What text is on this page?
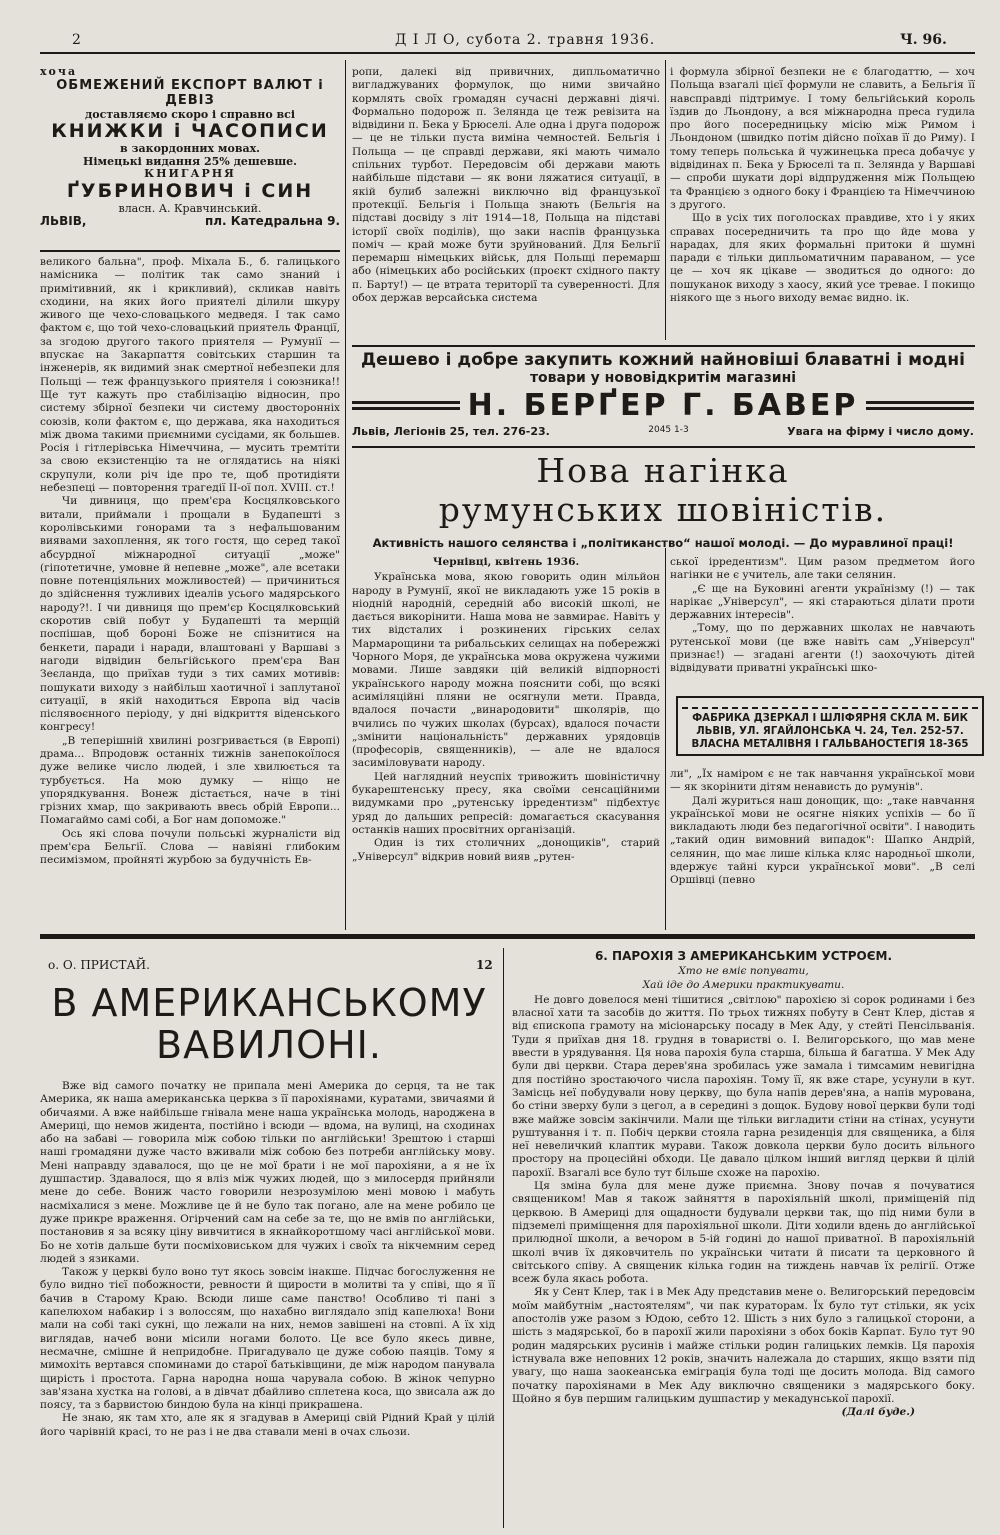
2	Д І Л О, субота 2. травня 1936.	Ч. 96.
хоча
ОБМЕЖЕНИЙ ЕКСПОРТ ВАЛЮТ і ДЕВІЗ
доставляємо скоро і справно всі
КНИЖКИ і ЧАСОПИСИ
в закордонних мовах.
Німецькі видання 25% дешевше.
КНИГАРНЯ
ҐУБРИНОВИЧ і СИН
власн. А. Кравчинський.
ЛЬВІВ,	пл. Катедральна 9.

великого бальна", проф. Міхала Б., б. галицького намісника — політик так само знаний і примітивний, як і крикливий), скликав навіть сходини, на яких його приятелі ділили шкуру живого ще чехо-словацького медведя. І так само фактом є, що той чехо-словацький приятель Франції, за згодою другого такого приятеля — Румунії — впускає на Закарпаття совітських старшин та інженерів, як видимий знак смертної небезпеки для Польщі — теж французького приятеля і союзника!! Ще тут кажуть про стабілізацію відносин, про систему збірної безпеки чи систему двосторонніх союзів, коли фактом є, що держава, яка находиться між двома такими приємними сусідами, як большев. Росія і гітлерівська Німеччина, — мусить тремтіти за свою екзистенцію та не оглядатись на ніякі скрупули, коли річ іде про те, щоб протидіяти небезпеці — повторення трагедії II-ої пол. XVIII. ст.!

Чи дивниця, що прем'єра Косцялковського витали, приймали і прощали в Будапешті з королівськими гонорами та з нефальшованим виявами захоплення, як того гостя, що серед такої абсурдної міжнародної ситуації „може" (гіпотетичне, умовне й непевне „може", але всетаки повне потенціяльних можливостей) — причиниться до здійснення тужливих ідеалів усього мадярського народу?!. І чи дивниця що прем'єр Косцялковський скоротив свій побут у Будапешті та мерщій поспішав, щоб бороні Боже не спізнитися на бенкети, паради і наради, влаштовані у Варшаві з нагоди відвідин бельгійського прем'єра Ван Зеєланда, що приїхав туди з тих самих мотивів: пошукати виходу з найбільш хаотичної і заплутаної ситуації, в якій находиться Европа від часів післявоєнного періоду, у дні відкриття віденського конгресу!

„В теперішній хвилині розгривається (в Европі) драма... Впродовж останніх тижнів занепокоїлося дуже велике число людей, і зле хвилюється та турбується. На мою думку — ніщо не упорядкування. Вонеж дістається, наче в тіні грізних хмар, що закривають ввесь обрій Европи... Помагаймо самі собі, а Бог нам допоможе."

Ось які слова почули польські журналісти від прем'єра Бельгії. Слова — навіяні глибоким песимізмом, пройняті журбою за будучність Ев-

ропи, далекі від привичних, дипльоматично вигладжуваних формулок, що ними звичайно кормлять своїх громадян сучасні державні діячі. Формально подорож п. Зеляндa це теж ревізита на відвідини п. Бека у Брюселі. Але одна і друга подорож — це не тільки пуста виміна чемностей. Бельгія і Польща — це справді держави, які мають чимало спільних турбот. Передовсім обі держави мають найбільше підстави — як вони ляжатися ситуації, в якій булиб залежні виключно від французької протекції. Бельгія і Польща знають (Бельгія на підставі досвіду з літ 1914—18, Польща на підставі історії своїх поділів), що заки наспів французька поміч — край може бути зруйнований. Для Бельгії перемарш німецьких військ, для Польщі перемарш або (німецьких або російських (проєкт східного пакту п. Барту!) — це втрата території та суверенності. Для обох держав версайська система

і формула збірної безпеки не є благодаттю, — хоч Польща взагалі цієї формули не славить, а Бельгія її навсправді підтримує. І тому бельгійський король їздив до Льондону, а вся міжнародна преса гудила про його посередницьку місію між Римом і Льондоном (швидко потім дійсно поїхав її до Риму). І тому теперь польська й чужинецька преса добачує у відвідинах п. Бека у Брюселі та п. Зеляндa у Варшаві — спроби шукати дорі відпрудження між Польщею та Францією з одного боку і Францією та Німеччиною з другого.

Що в усіх тих поголосках правдиве, хто і у яких справах посередничить та про що йде мова у нарадах, для яких формальні притоки й шумні паради є тільки дипльоматичним параваном, — усе це — хоч як цікаве — зводиться до одного: до пошуканок виходу з хаосу, який усе тревае. І покищо ніякого ще з нього виходу вемає видно. ік.

Дешево і добре закупить кожний найновіші блаватні і модні
товари у нововідкритім магазині
Н. БЕРҐЕР Г. БАВЕР
Львів, Легіонів 25, тел. 276-23.	2045 1-3	Увага на фірму і число дому.
Нова нагінка
румунських шовіністів.
Активність нашого селянства і „політиканство“ нашої молоді. — До муравлиної праці!
Чернівці, квітень 1936.

Українська мова, якою говорить один мільйон народу в Румунії, якої не викладають уже 15 років в ніодній народній, середній або високій школі, не дається викорінити. Наша мова не завмирає. Навіть у тих відсталих і розкинених гірських селах Мармарощини та рибальських селищах на побережжі Чорного Моря, де українська мова окружена чужими мовами. Лише завдяки цій великій відпорності українського народу можна пояснити собі, що всякі асиміляційні пляни не осягнули мети. Правда, вдалося почасти „винародовити" школярів, що вчились по чужих школах (бурсах), вдалося почасти „змінити національність" державних урядовців (професорів, священників), — але не вдалося засиміловувати народу.

Цей наглядний неуспіх тривожить шовіністичну букарештенську пресу, яка своїми сенсаційними видумками про „рутенську ірредентизм" підбехтує уряд до дальших репресій: домагається скасування останків наших просвітних організацій.

Один із тих столичних „донощиків", старий „Універсул" відкрив новий вияв „рутен-

ської ірредентизм". Цим разом предметом його нагінки не є учитель, але таки селянин.

„Є ще на Буковині агенти українізму (!) — так нарікає „Універсул", — які стараються ділати проти державних інтересів".

„Тому, що по державних школах не навчають рутенської мови (це вже навіть сам „Універсул" признає!) — згадані агенти (!) заохочують дітей відвідувати приватні українські шко-

ФАБРИКА ДЗЕРКАЛ І ШЛІФЯРНЯ СКЛА М. БИК
ЛЬВІВ, УЛ. ЯГАЙЛОНСЬКА Ч. 24, Тел. 252-57.
ВЛАСНА МЕТАЛІВНЯ І ГАЛЬВАНОСТЕГІЯ 18-365

ли", „Їх наміром є не так навчання української мови — як зкорінити дітям ненависть до румунів".

Далі журиться наш донощик, що: „таке навчання української мови не осягне ніяких успіхів — бо її викладають люди без педагогічної освіти". І наводить „такий один вимовний випадок": Шапко Андрій, селянин, що має лише кілька кляс народньої школи, вдержує тайні курси української мови". „В селі Оршівці (певно

о. О. ПРИСТАЙ.	12
В АМЕРИКАНСЬКОМУ
ВАВИЛОНІ.

Вже від самого початку не припала мені Америка до серця, та не так Америка, як наша американська церква з її парохіянами, куратами, звичаями й обичаями. А вже найбільше гнівала мене наша українська молодь, народжена в Америці, що немов жидента, постійно і всюди — вдома, на вулиці, на сходинах або на забаві — говорила між собою тільки по англійськи! Зрештою і старші наші громадяни дуже часто вживали між собою без потреби англійську мову. Мені направду здавалося, що це не мої брати і не мої парохіяни, а я не їх душпастир. Здавалося, що я вліз між чужих людей, що з милосердя прийняли мене до себе. Вониж часто говорили незрозумілою мені мовою і мабуть насміхалися з мене. Можливе це й не було так погано, але на мене робило це дуже прикре враження. Огірчений сам на себе за те, що не вмів по англійськи, постановив я за всяку ціну вивчитися в якнайкоротшому часі англійської мови. Бо не хотів дальше бути посміховиськом для чужих і своїх та нікчемним серед людей з язиками.

Також у церкві було воно тут якось зовсім інакше. Підчас богослуження не було видно тієї побожности, ревности й щирости в молитві та у співі, що я її бачив в Старому Краю. Всюди лише саме панство! Особливо ті пані з капелюхом набакир і з волоссям, що нахабно виглядало зпід капелюха! Вони мали на собі такі сукні, що лежали на них, немов завішені на стовпі. А їх хід виглядав, начеб вони місили ногами болото. Це все було якесь дивне, несмачне, смішне й непридобне. Пригадувало це дуже собою паяців. Тому я мимохіть вертався споминами до старої батьківщини, де між народом панувала щирість і простота. Гарна народна ноша чарувала собою. В жінок чепурно зав'язана хустка на голові, а в дівчат дбайливо сплетена коса, що звисала аж до поясу, та з барвистою биндою була на кінці прикрашена.

Не знаю, як там хто, але як я згадував в Америці свій Рідний Край у цілій його чарівній красі, то не раз і не два ставали мені в очах сльози.

6. ПАРОХІЯ З АМЕРИКАНСЬКИМ УСТРОЄМ.
Хто не вміє попувати,
Хай іде до Америки практикувати.

Не довго довелося мені тішитися „світлою" парохією зі сорок родинами і без власної хати та засобів до життя. По трьох тижнях побуту в Сент Клер, дістав я від єпископа грамоту на місіонарську посаду в Мек Аду, у стейті Пенсільванія. Туди я приїхав дня 18. грудня в товаристві о. І. Велигорського, що мав мене ввести в урядування. Ця нова парохія була старша, більша й багатша. У Мек Аду були дві церкви. Стара дерев'яна зробилась уже замала і тимсамим невигідна для постійно зростаючого числа парохіян. Тому її, як вже старе, усунули в кут. Замісць неї побудували нову церкву, що була напів дерев'яна, а напів мурована, бо стіни зверху були з цегол, а в середині з дощок. Будову нової церкви були тоді вже майже зовсім закінчили. Мали ще тільки вигладити стіни на стінах, усунути руштування і т. п. Побіч церкви стояла гарна резиденція для священика, а біля неї невеличкий клаптик мурави. Також довкола церкви було досить вільного простору на процесійні обходи. Це давало цілком інший вигляд церкви й цілій парохії. Взагалі все було тут більше схоже на парохію.

Ця зміна була для мене дуже приємна. Знову почав я почуватися священиком! Мав я також зайняття в парохіяльній школі, приміщеній під церквою. В Америці для ощадности будували церкви так, що під ними були в підземелі приміщення для парохіяльної школи. Діти ходили вдень до англійської прилюдної школи, а вечором в 5-ій годині до нашої приватної. В парохіяльній школі вчив їх дяковчитель по українськи читати й писати та церковного й світського співу. А священик кілька годин на тиждень навчав їх релігії. Отже всеж була якась робота.

Як у Сент Клер, так і в Мек Аду представив мене о. Велигорський передовсім моїм майбутнім „настоятелям", чи пак кураторам. Їх було тут стільки, як усіх апостолів уже разом з Юдою, себто 12. Шість з них було з галицької сторони, а шість з мадярської, бо в парохії жили парохіяни з обох боків Карпат. Було тут 90 родин мадярських русинів і майже стільки родин галицьких лемків. Ця парохія істнувала вже неповних 12 років, значить належала до старших, якщо взяти під увагу, що наша заокеанська еміграція була тоді ще досить молода. Від самого початку парохіянами в Мек Аду виключно священики з мадярського боку. Щойно я був першим галицьким душпастир у мекадунської парохії.

(Далі буде.)
